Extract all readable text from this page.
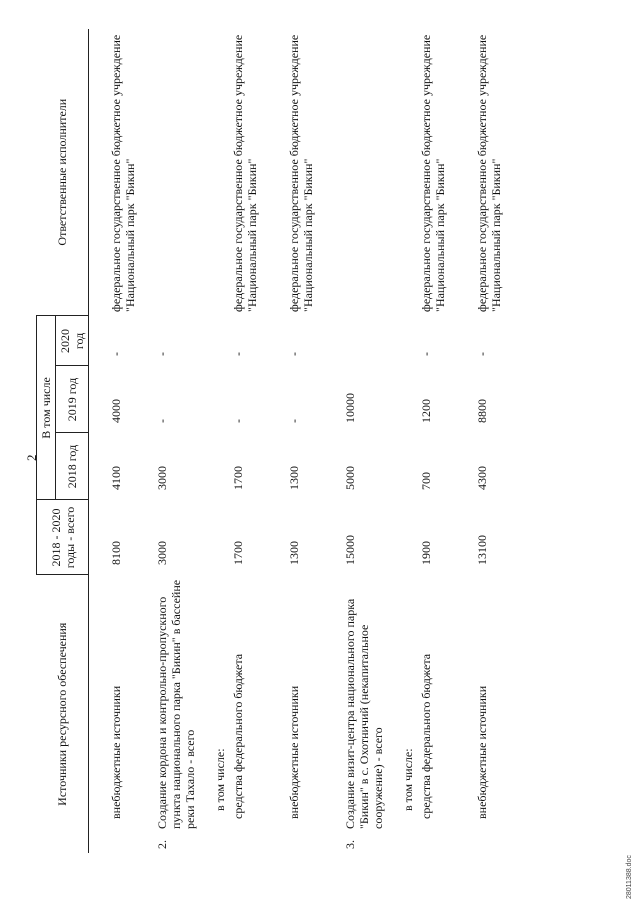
2
Источники ресурсного обеспечения		2018 - 2020 годы - всего	В том числе			Ответственные исполнители
			2018 год	2019 год	2020 год	
	внебюджетные источники	8100	4100	4000	-	федеральное государственное бюджетное учреждение "Национальный парк "Бикин"
2.	Создание кордона и контрольно-пропускного пункта национального парка "Бикин" в бассейне реки Тахало - всего	3000	3000	-	-	
	в том числе:					
	средства федерального бюджета	1700	1700	-	-	федеральное государственное бюджетное учреждение "Национальный парк "Бикин"
	внебюджетные источники	1300	1300	-	-	федеральное государственное бюджетное учреждение "Национальный парк "Бикин"
3.	Создание визит-центра национального парка "Бикин" в с. Охотничий (некапитальное сооружение) - всего	15000	5000	10000		
	в том числе:					
	средства федерального бюджета	1900	700	1200	-	федеральное государственное бюджетное учреждение "Национальный парк "Бикин"
	внебюджетные источники	13100	4300	8800	-	федеральное государственное бюджетное учреждение "Национальный парк "Бикин"
28011388.doc
